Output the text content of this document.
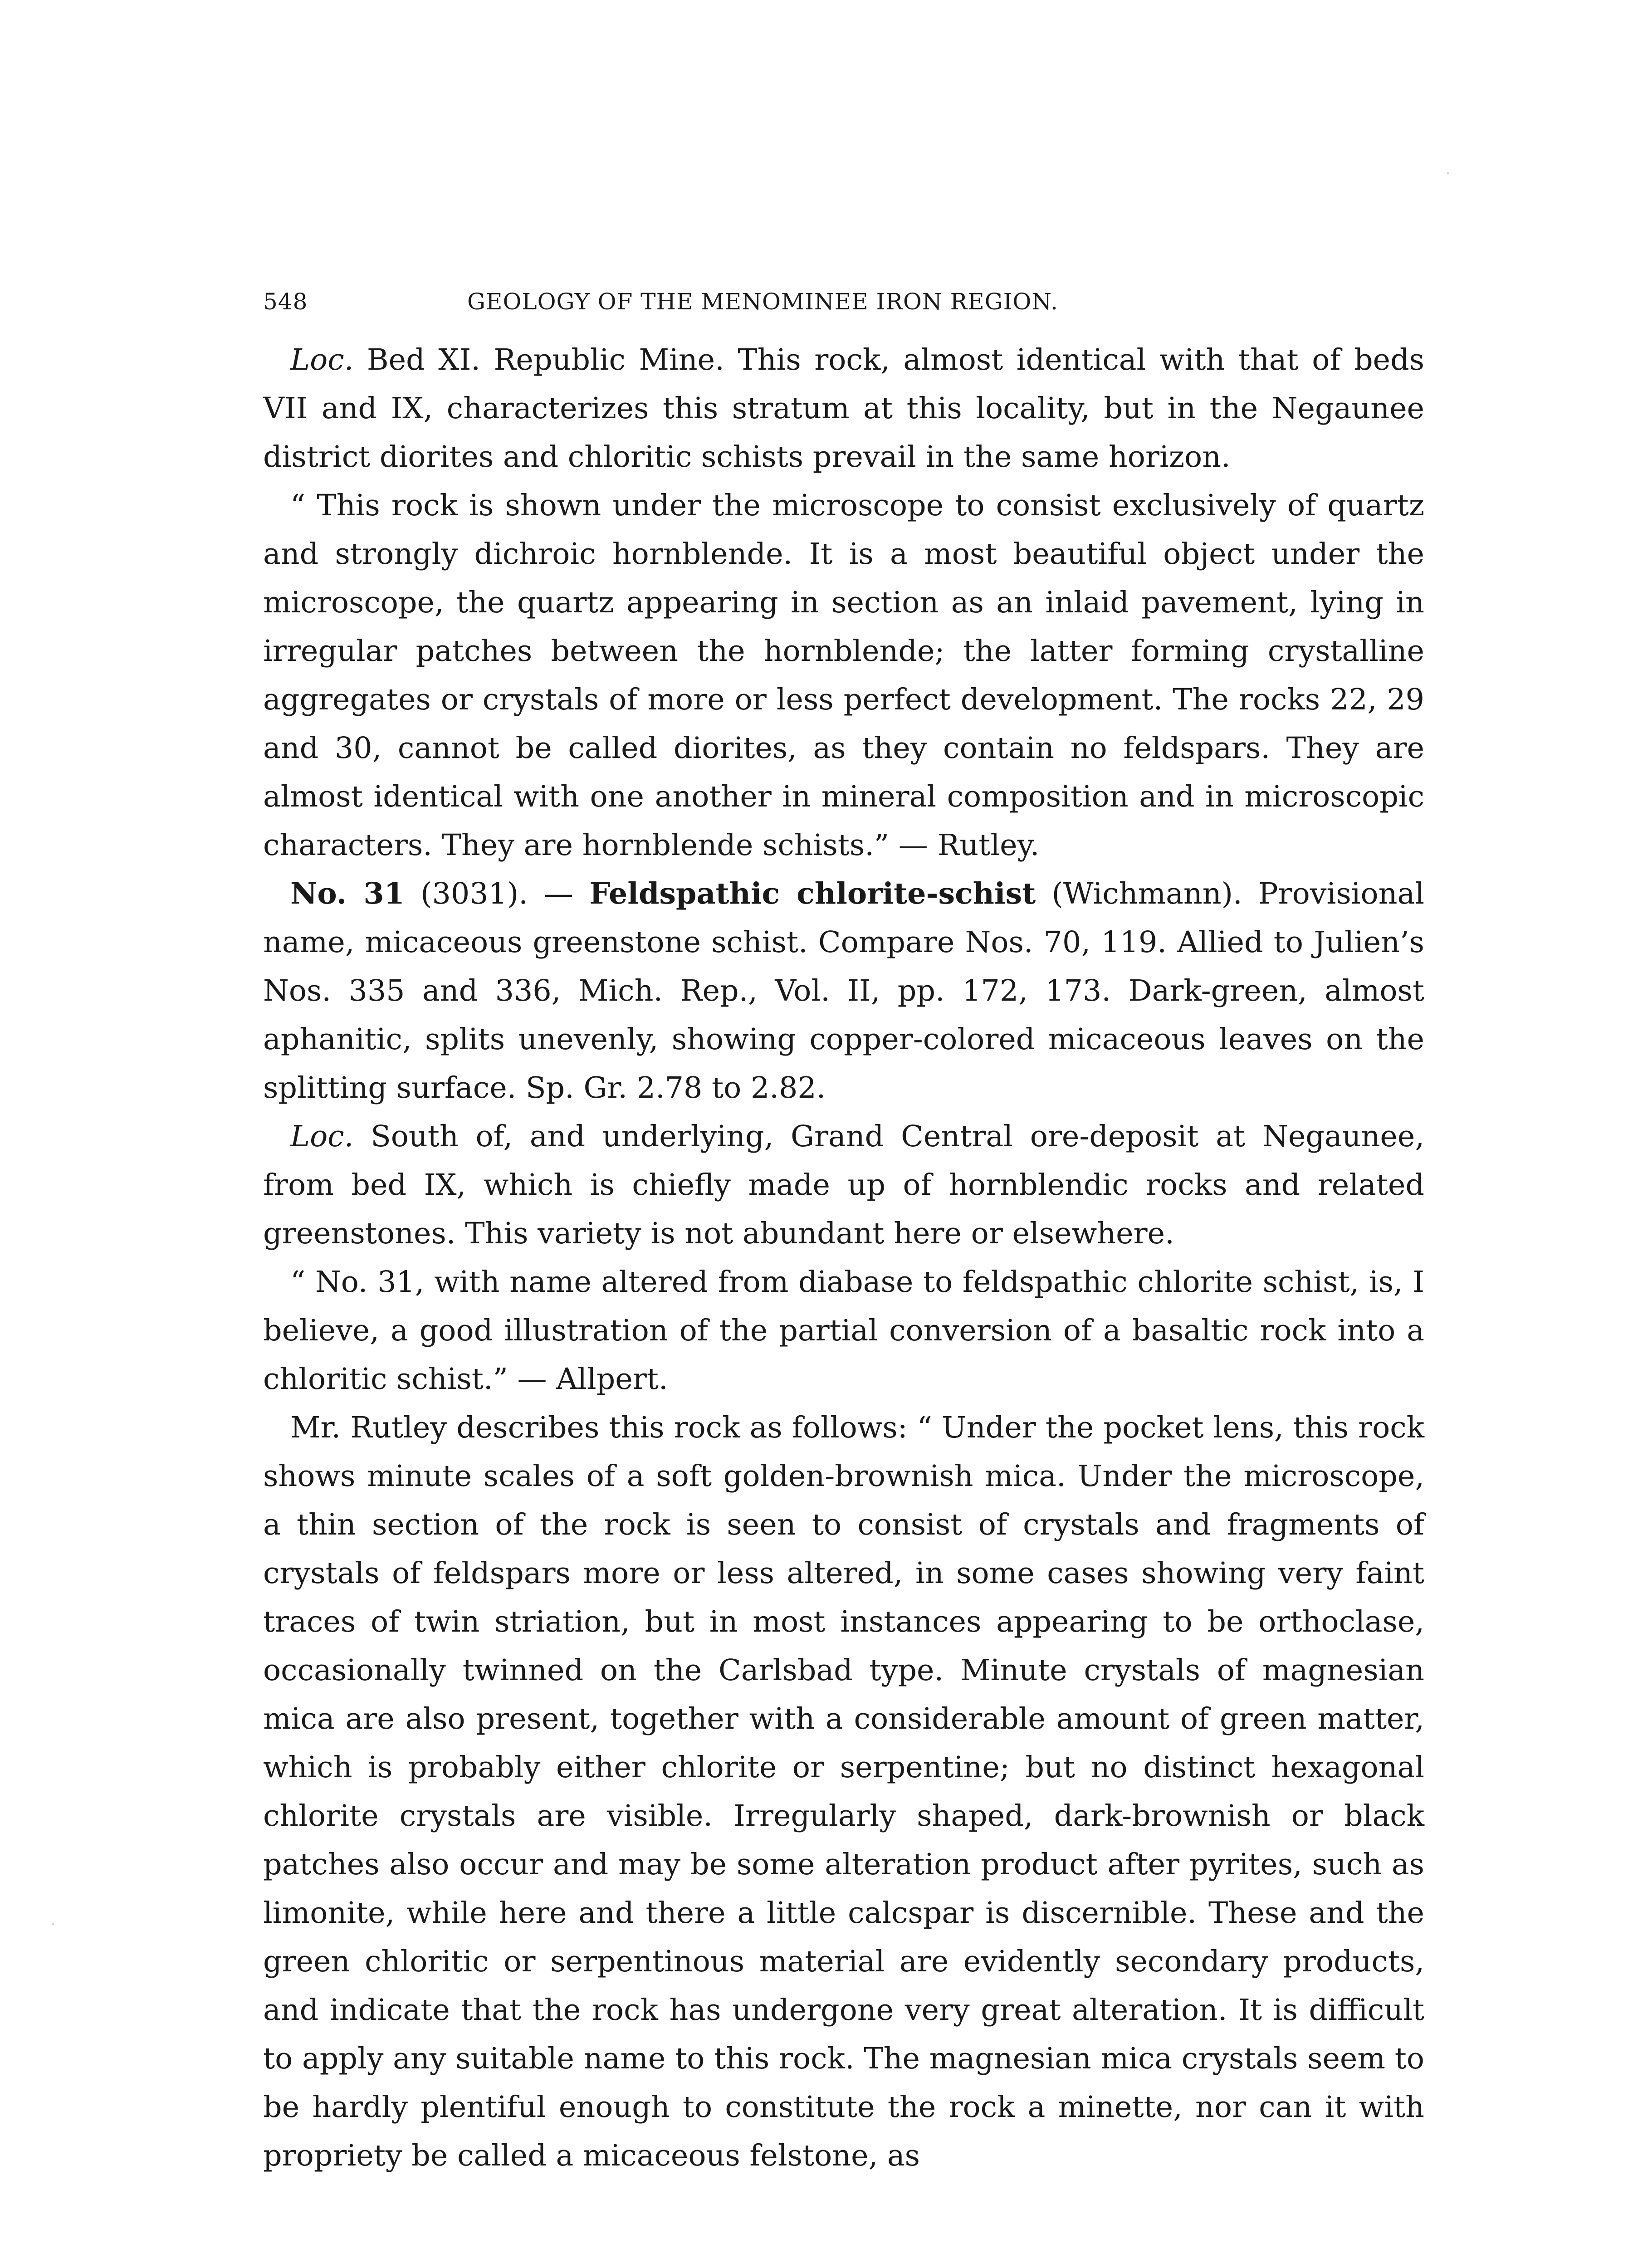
548	GEOLOGY OF THE MENOMINEE IRON REGION.

Loc. Bed XI. Republic Mine. This rock, almost identical with that of beds VII and IX, characterizes this stratum at this locality, but in the Negaunee district diorites and chloritic schists prevail in the same horizon.

“ This rock is shown under the microscope to consist exclusively of quartz and strongly dichroic hornblende. It is a most beautiful object under the microscope, the quartz appearing in section as an inlaid pavement, lying in irregular patches between the hornblende; the latter forming crystalline aggregates or crystals of more or less perfect development. The rocks 22, 29 and 30, cannot be called diorites, as they contain no feldspars. They are almost identical with one another in mineral composition and in microscopic characters. They are hornblende schists.” — Rutley.

No. 31 (3031). — Feldspathic chlorite-schist (Wichmann). Provisional name, micaceous greenstone schist. Compare Nos. 70, 119. Allied to Julien’s Nos. 335 and 336, Mich. Rep., Vol. II, pp. 172, 173. Dark-green, almost aphanitic, splits unevenly, showing copper-colored micaceous leaves on the splitting surface. Sp. Gr. 2.78 to 2.82.

Loc. South of, and underlying, Grand Central ore-deposit at Negaunee, from bed IX, which is chiefly made up of hornblendic rocks and related greenstones. This variety is not abundant here or elsewhere.

“ No. 31, with name altered from diabase to feldspathic chlorite schist, is, I believe, a good illustration of the partial conversion of a basaltic rock into a chloritic schist.” — Allpert.

Mr. Rutley describes this rock as follows: “ Under the pocket lens, this rock shows minute scales of a soft golden-brownish mica. Under the microscope, a thin section of the rock is seen to consist of crystals and fragments of crystals of feldspars more or less altered, in some cases showing very faint traces of twin striation, but in most instances appearing to be orthoclase, occasionally twinned on the Carlsbad type. Minute crystals of magnesian mica are also present, together with a considerable amount of green matter, which is probably either chlorite or serpentine; but no distinct hexagonal chlorite crystals are visible. Irregularly shaped, dark-brownish or black patches also occur and may be some alteration product after pyrites, such as limonite, while here and there a little calcspar is discernible. These and the green chloritic or serpentinous material are evidently secondary products, and indicate that the rock has undergone very great alteration. It is difficult to apply any suitable name to this rock. The magnesian mica crystals seem to be hardly plentiful enough to constitute the rock a minette, nor can it with propriety be called a micaceous felstone, as
